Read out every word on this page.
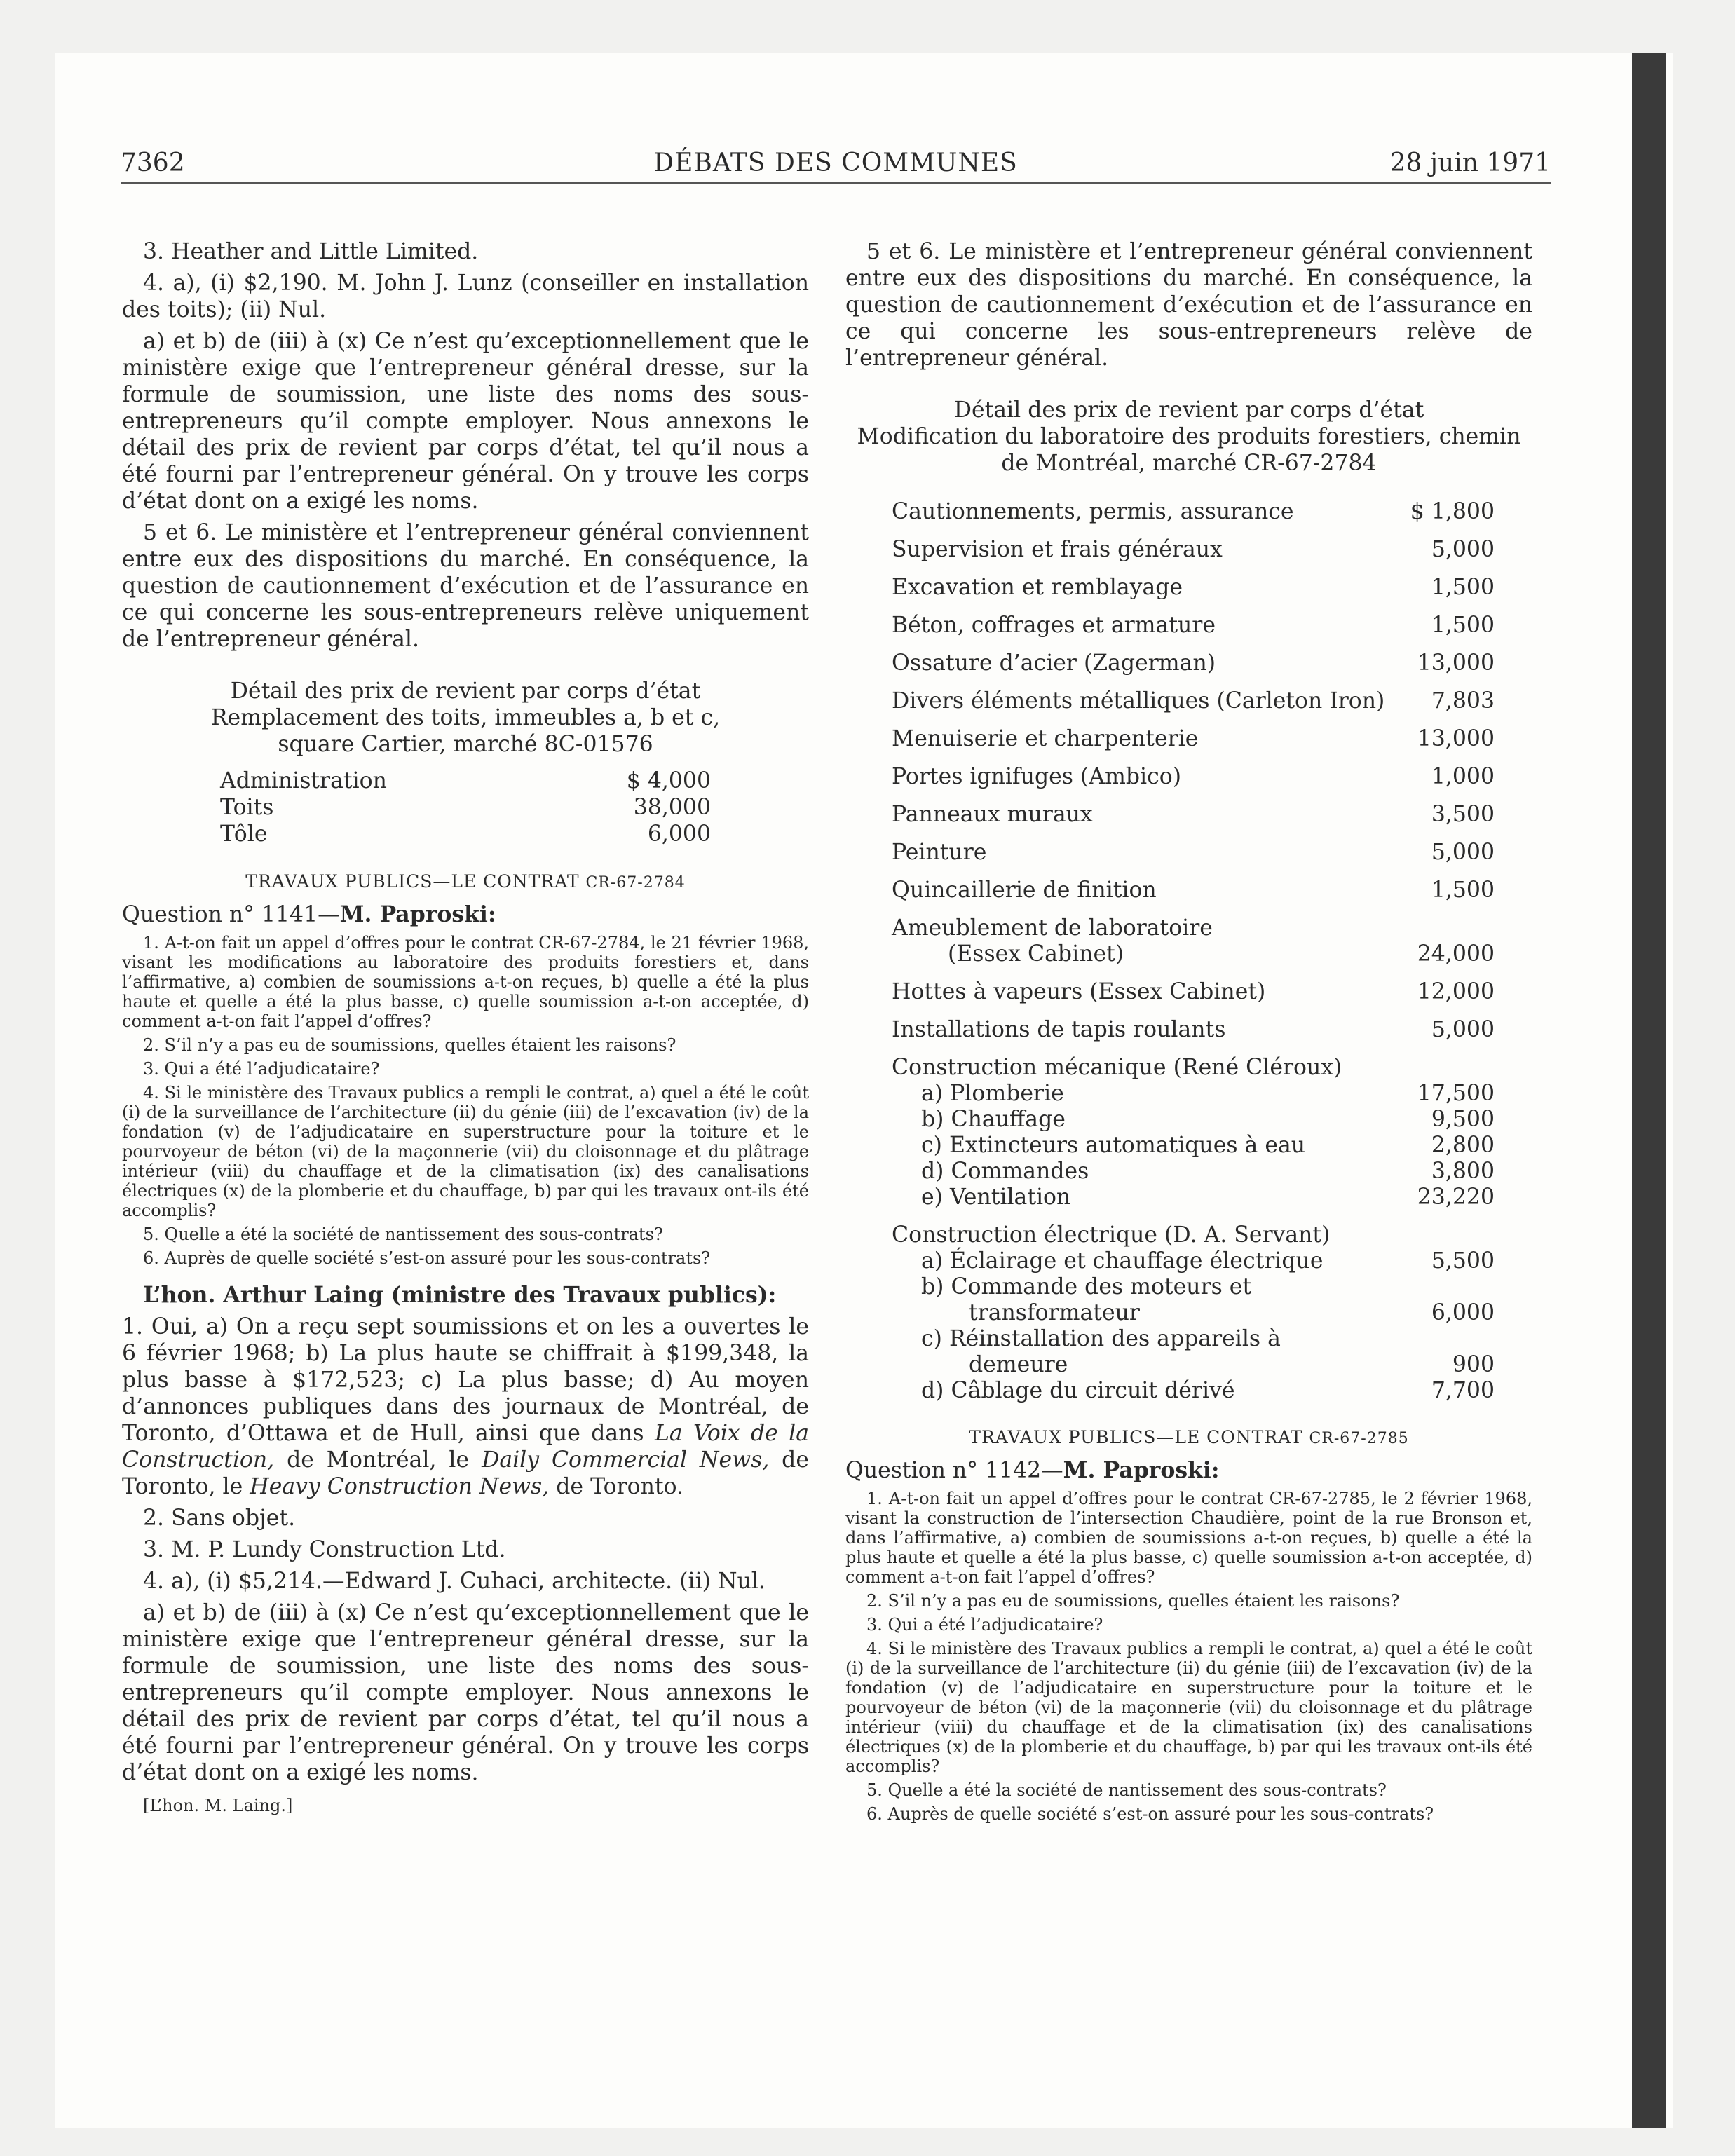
7362	DÉBATS DES COMMUNES	28 juin 1971

3. Heather and Little Limited.

4. a), (i) $2,190. M. John J. Lunz (conseiller en installation des toits); (ii) Nul.

a) et b) de (iii) à (x) Ce n’est qu’exceptionnellement que le ministère exige que l’entrepreneur général dresse, sur la formule de soumission, une liste des noms des sous-entrepreneurs qu’il compte employer. Nous annexons le détail des prix de revient par corps d’état, tel qu’il nous a été fourni par l’entrepreneur général. On y trouve les corps d’état dont on a exigé les noms.

5 et 6. Le ministère et l’entrepreneur général conviennent entre eux des dispositions du marché. En conséquence, la question de cautionnement d’exécution et de l’assurance en ce qui concerne les sous-entrepreneurs relève uniquement de l’entrepreneur général.

Détail des prix de revient par corps d’état
Remplacement des toits, immeubles a, b et c,
square Cartier, marché 8C-01576
Administration	$ 4,000
Toits	38,000
Tôle	6,000
TRAVAUX PUBLICS—LE CONTRAT CR-67-2784
Question n° 1141—M. Paproski:

1. A-t-on fait un appel d’offres pour le contrat CR-67-2784, le 21 février 1968, visant les modifications au laboratoire des produits forestiers et, dans l’affirmative, a) combien de soumissions a-t-on reçues, b) quelle a été la plus haute et quelle a été la plus basse, c) quelle soumission a-t-on acceptée, d) comment a-t-on fait l’appel d’offres?

2. S’il n’y a pas eu de soumissions, quelles étaient les raisons?

3. Qui a été l’adjudicataire?

4. Si le ministère des Travaux publics a rempli le contrat, a) quel a été le coût (i) de la surveillance de l’architecture (ii) du génie (iii) de l’excavation (iv) de la fondation (v) de l’adjudicataire en superstructure pour la toiture et le pourvoyeur de béton (vi) de la maçonnerie (vii) du cloisonnage et du plâtrage intérieur (viii) du chauffage et de la climatisation (ix) des canalisations électriques (x) de la plomberie et du chauffage, b) par qui les travaux ont-ils été accomplis?

5. Quelle a été la société de nantissement des sous-contrats?

6. Auprès de quelle société s’est-on assuré pour les sous-contrats?

L’hon. Arthur Laing (ministre des Travaux publics):

1. Oui, a) On a reçu sept soumissions et on les a ouvertes le 6 février 1968; b) La plus haute se chiffrait à $199,348, la plus basse à $172,523; c) La plus basse; d) Au moyen d’annonces publiques dans des journaux de Montréal, de Toronto, d’Ottawa et de Hull, ainsi que dans La Voix de la Construction, de Montréal, le Daily Commercial News, de Toronto, le Heavy Construction News, de Toronto.

2. Sans objet.

3. M. P. Lundy Construction Ltd.

4. a), (i) $5,214.—Edward J. Cuhaci, architecte. (ii) Nul.

a) et b) de (iii) à (x) Ce n’est qu’exceptionnellement que le ministère exige que l’entrepreneur général dresse, sur la formule de soumission, une liste des noms des sous-entrepreneurs qu’il compte employer. Nous annexons le détail des prix de revient par corps d’état, tel qu’il nous a été fourni par l’entrepreneur général. On y trouve les corps d’état dont on a exigé les noms.

[L’hon. M. Laing.]

5 et 6. Le ministère et l’entrepreneur général conviennent entre eux des dispositions du marché. En conséquence, la question de cautionnement d’exécution et de l’assurance en ce qui concerne les sous-entrepreneurs relève de l’entrepreneur général.

Détail des prix de revient par corps d’état
Modification du laboratoire des produits forestiers, chemin
de Montréal, marché CR-67-2784
Cautionnements, permis, assurance	$ 1,800
Supervision et frais généraux	5,000
Excavation et remblayage	1,500
Béton, coffrages et armature	1,500
Ossature d’acier (Zagerman)	13,000
Divers éléments métalliques (Carleton Iron)	7,803
Menuiserie et charpenterie	13,000
Portes ignifuges (Ambico)	1,000
Panneaux muraux	3,500
Peinture	5,000
Quincaillerie de finition	1,500
Ameublement de laboratoire	
(Essex Cabinet)	24,000
Hottes à vapeurs (Essex Cabinet)	12,000
Installations de tapis roulants	5,000
Construction mécanique (René Cléroux)	
a) Plomberie	17,500
b) Chauffage	9,500
c) Extincteurs automatiques à eau	2,800
d) Commandes	3,800
e) Ventilation	23,220
Construction électrique (D. A. Servant)	
a) Éclairage et chauffage électrique	5,500
b) Commande des moteurs et	
transformateur	6,000
c) Réinstallation des appareils à	
demeure	900
d) Câblage du circuit dérivé	7,700
TRAVAUX PUBLICS—LE CONTRAT CR-67-2785
Question n° 1142—M. Paproski:

1. A-t-on fait un appel d’offres pour le contrat CR-67-2785, le 2 février 1968, visant la construction de l’intersection Chaudière, point de la rue Bronson et, dans l’affirmative, a) combien de soumissions a-t-on reçues, b) quelle a été la plus haute et quelle a été la plus basse, c) quelle soumission a-t-on acceptée, d) comment a-t-on fait l’appel d’offres?

2. S’il n’y a pas eu de soumissions, quelles étaient les raisons?

3. Qui a été l’adjudicataire?

4. Si le ministère des Travaux publics a rempli le contrat, a) quel a été le coût (i) de la surveillance de l’architecture (ii) du génie (iii) de l’excavation (iv) de la fondation (v) de l’adjudicataire en superstructure pour la toiture et le pourvoyeur de béton (vi) de la maçonnerie (vii) du cloisonnage et du plâtrage intérieur (viii) du chauffage et de la climatisation (ix) des canalisations électriques (x) de la plomberie et du chauffage, b) par qui les travaux ont-ils été accomplis?

5. Quelle a été la société de nantissement des sous-contrats?

6. Auprès de quelle société s’est-on assuré pour les sous-contrats?
